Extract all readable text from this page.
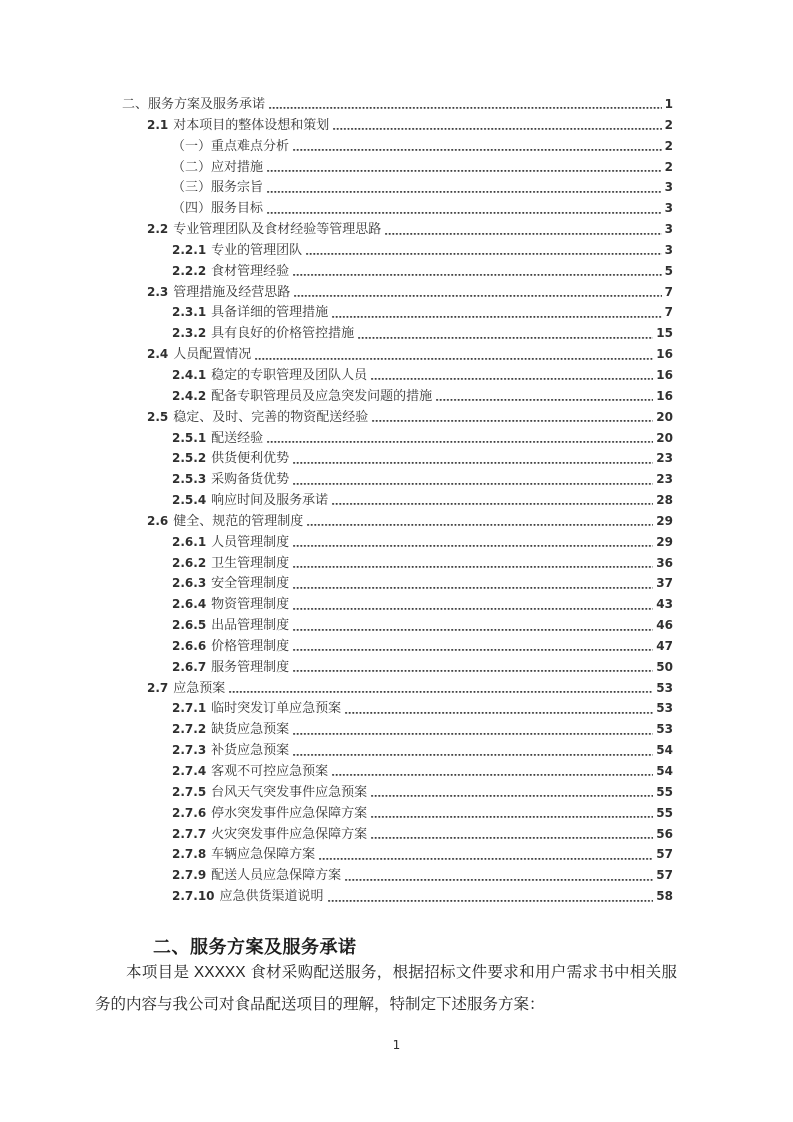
二、服务方案及服务承诺	1
2.1 对本项目的整体设想和策划	2
（一）重点难点分析	2
（二）应对措施	2
（三）服务宗旨	3
（四）服务目标	3
2.2 专业管理团队及食材经验等管理思路	3
2.2.1 专业的管理团队	3
2.2.2 食材管理经验	5
2.3 管理措施及经营思路	7
2.3.1 具备详细的管理措施	7
2.3.2 具有良好的价格管控措施	15
2.4 人员配置情况	16
2.4.1 稳定的专职管理及团队人员	16
2.4.2 配备专职管理员及应急突发问题的措施	16
2.5 稳定、及时、完善的物资配送经验	20
2.5.1 配送经验	20
2.5.2 供货便利优势	23
2.5.3 采购备货优势	23
2.5.4 响应时间及服务承诺	28
2.6 健全、规范的管理制度	29
2.6.1 人员管理制度	29
2.6.2 卫生管理制度	36
2.6.3 安全管理制度	37
2.6.4 物资管理制度	43
2.6.5 出品管理制度	46
2.6.6 价格管理制度	47
2.6.7 服务管理制度	50
2.7 应急预案	53
2.7.1 临时突发订单应急预案	53
2.7.2 缺货应急预案	53
2.7.3 补货应急预案	54
2.7.4 客观不可控应急预案	54
2.7.5 台风天气突发事件应急预案	55
2.7.6 停水突发事件应急保障方案	55
2.7.7 火灾突发事件应急保障方案	56
2.7.8 车辆应急保障方案	57
2.7.9 配送人员应急保障方案	57
2.7.10 应急供货渠道说明	58
二、服务方案及服务承诺
本项目是 XXXXX 食材采购配送服务，根据招标文件要求和用户需求书中相关服务的内容与我公司对食品配送项目的理解，特制定下述服务方案：
1
